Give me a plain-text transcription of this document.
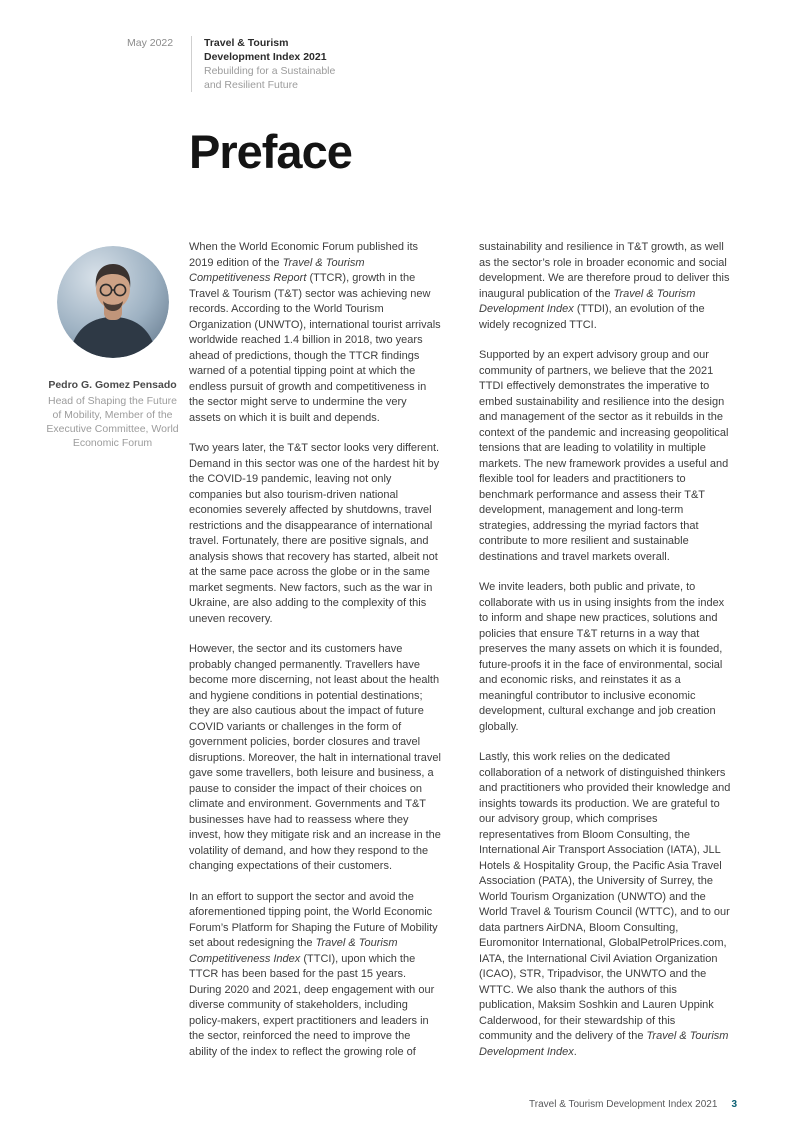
May 2022	Travel & Tourism
Development Index 2021
Rebuilding for a Sustainable
and Resilient Future
Preface
Pedro G. Gomez Pensado
Head of Shaping the Future of Mobility, Member of the Executive Committee, World Economic Forum

When the World Economic Forum published its 2019 edition of the Travel & Tourism Competitiveness Report (TTCR), growth in the Travel & Tourism (T&T) sector was achieving new records. According to the World Tourism Organization (UNWTO), international tourist arrivals worldwide reached 1.4 billion in 2018, two years ahead of predictions, though the TTCR findings warned of a potential tipping point at which the endless pursuit of growth and competitiveness in the sector might serve to undermine the very assets on which it is built and depends.

Two years later, the T&T sector looks very different. Demand in this sector was one of the hardest hit by the COVID-19 pandemic, leaving not only companies but also tourism-driven national economies severely affected by shutdowns, travel restrictions and the disappearance of international travel. Fortunately, there are positive signals, and analysis shows that recovery has started, albeit not at the same pace across the globe or in the same market segments. New factors, such as the war in Ukraine, are also adding to the complexity of this uneven recovery.

However, the sector and its customers have probably changed permanently. Travellers have become more discerning, not least about the health and hygiene conditions in potential destinations; they are also cautious about the impact of future COVID variants or challenges in the form of government policies, border closures and travel disruptions. Moreover, the halt in international travel gave some travellers, both leisure and business, a pause to consider the impact of their choices on climate and environment. Governments and T&T businesses have had to reassess where they invest, how they mitigate risk and an increase in the volatility of demand, and how they respond to the changing expectations of their customers.

In an effort to support the sector and avoid the aforementioned tipping point, the World Economic Forum’s Platform for Shaping the Future of Mobility set about redesigning the Travel & Tourism Competitiveness Index (TTCI), upon which the TTCR has been based for the past 15 years. During 2020 and 2021, deep engagement with our diverse community of stakeholders, including policy-makers, expert practitioners and leaders in the sector, reinforced the need to improve the ability of the index to reflect the growing role of

sustainability and resilience in T&T growth, as well as the sector’s role in broader economic and social development. We are therefore proud to deliver this inaugural publication of the Travel & Tourism Development Index (TTDI), an evolution of the widely recognized TTCI.

Supported by an expert advisory group and our community of partners, we believe that the 2021 TTDI effectively demonstrates the imperative to embed sustainability and resilience into the design and management of the sector as it rebuilds in the context of the pandemic and increasing geopolitical tensions that are leading to volatility in multiple markets. The new framework provides a useful and flexible tool for leaders and practitioners to benchmark performance and assess their T&T development, management and long-term strategies, addressing the myriad factors that contribute to more resilient and sustainable destinations and travel markets overall.

We invite leaders, both public and private, to collaborate with us in using insights from the index to inform and shape new practices, solutions and policies that ensure T&T returns in a way that preserves the many assets on which it is founded, future-proofs it in the face of environmental, social and economic risks, and reinstates it as a meaningful contributor to inclusive economic development, cultural exchange and job creation globally.

Lastly, this work relies on the dedicated collaboration of a network of distinguished thinkers and practitioners who provided their knowledge and insights towards its production. We are grateful to our advisory group, which comprises representatives from Bloom Consulting, the International Air Transport Association (IATA), JLL Hotels & Hospitality Group, the Pacific Asia Travel Association (PATA), the University of Surrey, the World Tourism Organization (UNWTO) and the World Travel & Tourism Council (WTTC), and to our data partners AirDNA, Bloom Consulting, Euromonitor International, GlobalPetrolPrices.com, IATA, the International Civil Aviation Organization (ICAO), STR, Tripadvisor, the UNWTO and the WTTC. We also thank the authors of this publication, Maksim Soshkin and Lauren Uppink Calderwood, for their stewardship of this community and the delivery of the Travel & Tourism Development Index.

Travel & Tourism Development Index 2021 3
